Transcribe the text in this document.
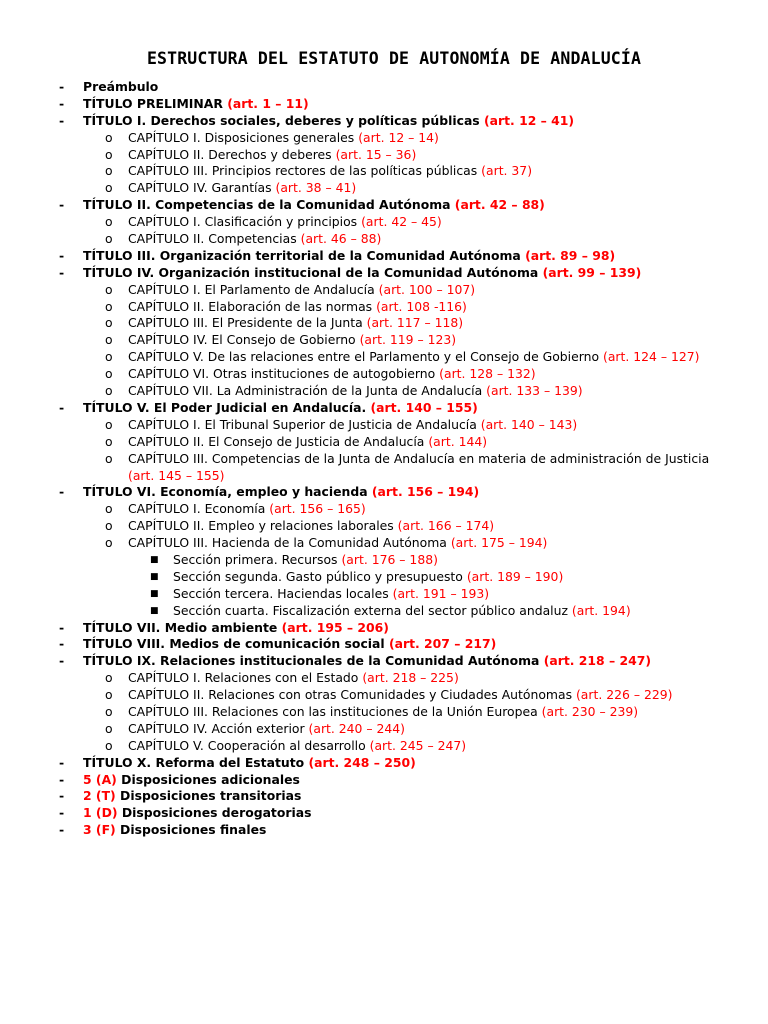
ESTRUCTURA DEL ESTATUTO DE AUTONOMÍA DE ANDALUCÍA
- Preámbulo
- TÍTULO PRELIMINAR (art. 1 – 11)
- TÍTULO I. Derechos sociales, deberes y políticas públicas (art. 12 – 41)
o CAPÍTULO I. Disposiciones generales (art. 12 – 14)
o CAPÍTULO II. Derechos y deberes (art. 15 – 36)
o CAPÍTULO III. Principios rectores de las políticas públicas (art. 37)
o CAPÍTULO IV. Garantías (art. 38 – 41)
- TÍTULO II. Competencias de la Comunidad Autónoma (art. 42 – 88)
o CAPÍTULO I. Clasificación y principios (art. 42 – 45)
o CAPÍTULO II. Competencias (art. 46 – 88)
- TÍTULO III. Organización territorial de la Comunidad Autónoma (art. 89 – 98)
- TÍTULO IV. Organización institucional de la Comunidad Autónoma (art. 99 – 139)
o CAPÍTULO I. El Parlamento de Andalucía (art. 100 – 107)
o CAPÍTULO II. Elaboración de las normas (art. 108 -116)
o CAPÍTULO III. El Presidente de la Junta (art. 117 – 118)
o CAPÍTULO IV. El Consejo de Gobierno (art. 119 – 123)
o CAPÍTULO V. De las relaciones entre el Parlamento y el Consejo de Gobierno (art. 124 – 127)
o CAPÍTULO VI. Otras instituciones de autogobierno (art. 128 – 132)
o CAPÍTULO VII. La Administración de la Junta de Andalucía (art. 133 – 139)
- TÍTULO V. El Poder Judicial en Andalucía. (art. 140 – 155)
o CAPÍTULO I. El Tribunal Superior de Justicia de Andalucía (art. 140 – 143)
o CAPÍTULO II. El Consejo de Justicia de Andalucía (art. 144)
o CAPÍTULO III. Competencias de la Junta de Andalucía en materia de administración de Justicia (art. 145 – 155)
- TÍTULO VI. Economía, empleo y hacienda (art. 156 – 194)
o CAPÍTULO I. Economía (art. 156 – 165)
o CAPÍTULO II. Empleo y relaciones laborales (art. 166 – 174)
o CAPÍTULO III. Hacienda de la Comunidad Autónoma (art. 175 – 194)
■ Sección primera. Recursos (art. 176 – 188)
■ Sección segunda. Gasto público y presupuesto (art. 189 – 190)
■ Sección tercera. Haciendas locales (art. 191 – 193)
■ Sección cuarta. Fiscalización externa del sector público andaluz (art. 194)
- TÍTULO VII. Medio ambiente (art. 195 – 206)
- TÍTULO VIII. Medios de comunicación social (art. 207 – 217)
- TÍTULO IX. Relaciones institucionales de la Comunidad Autónoma (art. 218 – 247)
o CAPÍTULO I. Relaciones con el Estado (art. 218 – 225)
o CAPÍTULO II. Relaciones con otras Comunidades y Ciudades Autónomas (art. 226 – 229)
o CAPÍTULO III. Relaciones con las instituciones de la Unión Europea (art. 230 – 239)
o CAPÍTULO IV. Acción exterior (art. 240 – 244)
o CAPÍTULO V. Cooperación al desarrollo (art. 245 – 247)
- TÍTULO X. Reforma del Estatuto (art. 248 – 250)
- 5 (A) Disposiciones adicionales
- 2 (T) Disposiciones transitorias
- 1 (D) Disposiciones derogatorias
- 3 (F) Disposiciones finales
